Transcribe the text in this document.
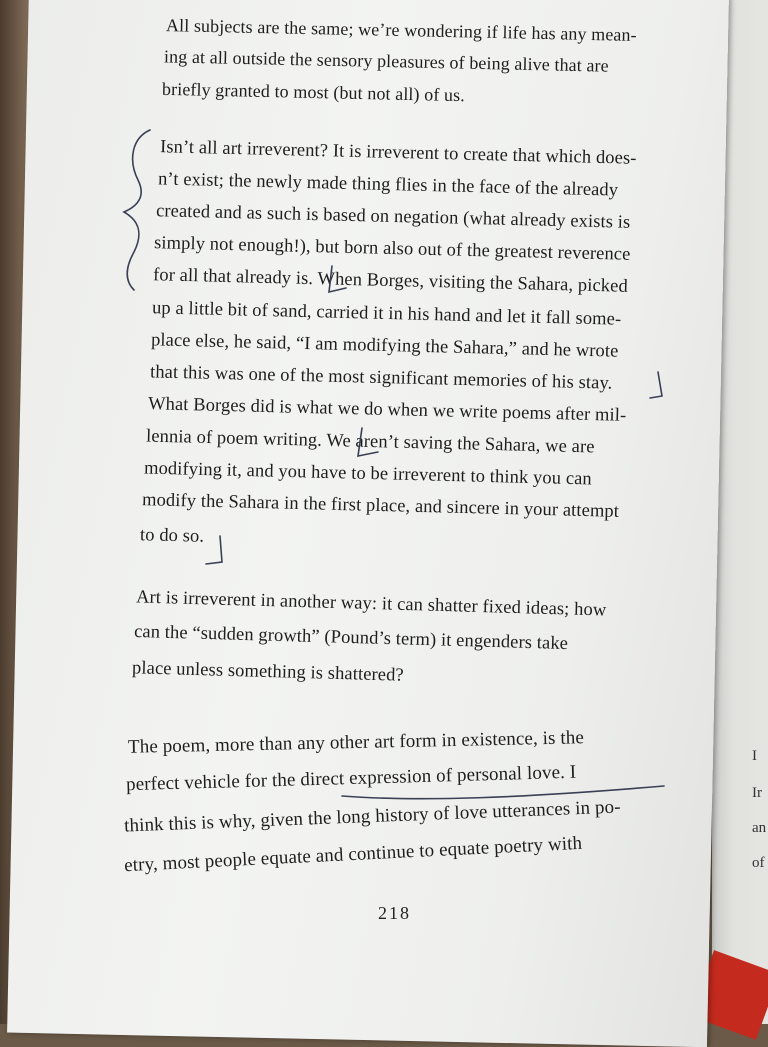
All subjects are the same; we’re wondering if life has any mean-
ing at all outside the sensory pleasures of being alive that are
briefly granted to most (but not all) of us.
Isn’t all art irreverent? It is irreverent to create that which does-
n’t exist; the newly made thing flies in the face of the already
created and as such is based on negation (what already exists is
simply not enough!), but born also out of the greatest reverence
for all that already is. When Borges, visiting the Sahara, picked
up a little bit of sand, carried it in his hand and let it fall some-
place else, he said, “I am modifying the Sahara,” and he wrote
that this was one of the most significant memories of his stay.
What Borges did is what we do when we write poems after mil-
lennia of poem writing. We aren’t saving the Sahara, we are
modifying it, and you have to be irreverent to think you can
modify the Sahara in the first place, and sincere in your attempt
to do so.
Art is irreverent in another way: it can shatter fixed ideas; how
can the “sudden growth” (Pound’s term) it engenders take
place unless something is shattered?
The poem, more than any other art form in existence, is the
perfect vehicle for the direct expression of personal love. I
think this is why, given the long history of love utterances in po-
etry, most people equate and continue to equate poetry with
218
I
Ir
an
of
